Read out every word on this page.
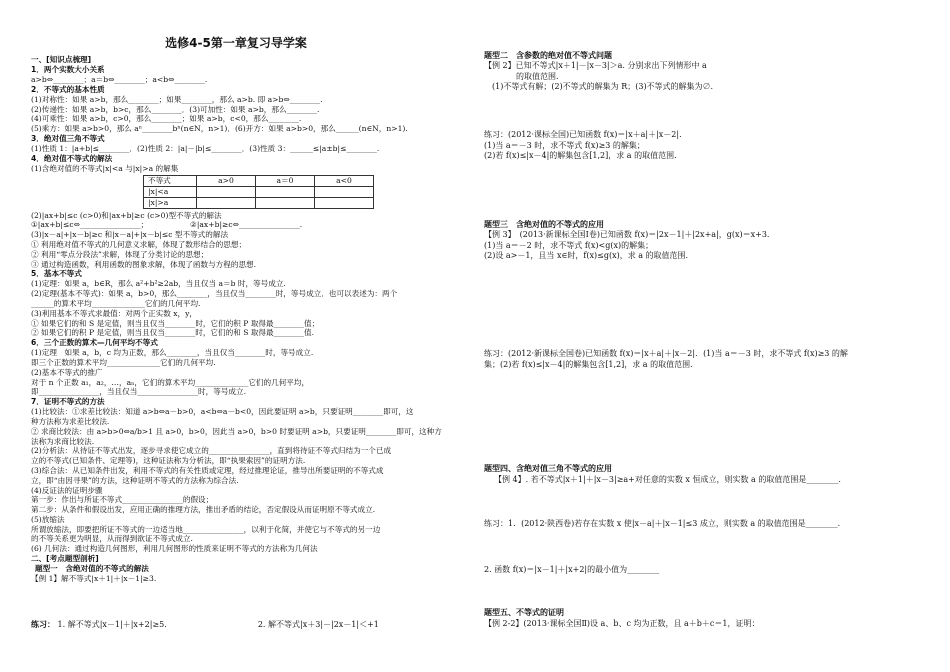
选修4-5第一章复习导学案
一、[知识点梳理]
1．两个实数大小关系
a>b⇔________；a＝b⇔________；a<b⇔________.
2．不等式的基本性质
(1)对称性：如果 a>b，那么________；如果________，那么 a>b. 即 a>b⇔________.
(2)传递性：如果 a>b，b>c，那么________．(3)可加性：如果 a>b，那么________.
(4)可乘性：如果 a>b，c>0，那么________；如果 a>b，c<0，那么________.
(5)乘方：如果 a>b>0，那么 aⁿ________bⁿ(n∈N，n>1)．(6)开方：如果 a>b>0，那么______(n∈N，n>1).
3．绝对值三角不等式
(1)性质 1：|a+b|≤________．(2)性质 2：|a|－|b|≤________．(3)性质 3：______≤|a±b|≤________.
4．绝对值不等式的解法
(1)含绝对值的不等式|x|<a 与|x|>a 的解集
不等式	a>0	a＝0	a<0
|x|<a			
|x|>a			
(2)|ax+b|≤c (c>0)和|ax+b|≥c (c>0)型不等式的解法
①|ax+b|≤c⇔________________；　　　　　　②|ax+b|≥c⇔________________.
(3)|x－a|+|x－b|≥c 和|x－a|+|x－b|≤c 型不等式的解法
① 利用绝对值不等式的几何意义求解，体现了数形结合的思想；
② 利用“零点分段法”求解，体现了分类讨论的思想；
③ 通过构造函数，利用函数的图象求解，体现了函数与方程的思想.
5．基本不等式
(1)定理：如果 a，b∈R，那么 a²+b²≥2ab，当且仅当 a＝b 时，等号成立.
(2)定理(基本不等式)：如果 a，b>0，那么________，当且仅当________时，等号成立．也可以表述为：两个
______的算术平均______________它们的几何平均.
(3)利用基本不等式求最值：对两个正实数 x，y，
① 如果它们的和 S 是定值，则当且仅当________时，它们的积 P 取得最________值；
② 如果它们的积 P 是定值，则当且仅当________时，它们的和 S 取得最________值.
6．三个正数的算术—几何平均不等式
(1)定理　如果 a，b，c 均为正数，那么________，当且仅当________时，等号成立.
即三个正数的算术平均______________它们的几何平均.
(2)基本不等式的推广
对于 n 个正数 a₁，a₂，…，aₙ，它们的算术平均______________它们的几何平均，
即________________，当且仅当________________时，等号成立.
7．证明不等式的方法
(1)比较法：①求差比较法：知道 a>b⇔a－b>0，a<b⇔a－b<0，因此要证明 a>b，只要证明________即可，这
种方法称为求差比较法.
② 求商比较法：由 a>b>0⇔a/b>1 且 a>0，b>0，因此当 a>0，b>0 时要证明 a>b，只要证明________即可，这种方
法称为求商比较法.
(2)分析法：从待证不等式出发，逐步寻求使它成立的________________，直到将待证不等式归结为一个已成
立的不等式(已知条件、定理等)，这种证法称为分析法，即“执果索因”的证明方法.
(3)综合法：从已知条件出发，利用不等式的有关性质或定理，经过推理论证，推导出所要证明的不等式成
立，即“由因寻果”的方法，这种证明不等式的方法称为综合法.
(4)反证法的证明步骤
第一步：作出与所证不等式________________的假设；
第二步：从条件和假设出发，应用正确的推理方法，推出矛盾的结论，否定假设从而证明原不等式成立.
(5)放缩法
所谓放缩法，即要把所证不等式的一边适当地________________，以利于化简，并使它与不等式的另一边
的不等关系更为明显，从而得到欲证不等式成立.
(6) 几何法：通过构造几何图形，利用几何图形的性质来证明不等式的方法称为几何法
二、[考点题型剖析]
题型一　含绝对值的不等式的解法
【例 1】解不等式|x＋1|＋|x－1|≥3.
练习： 1. 解不等式|x－1|＋|x+2|≥5.	2. 解不等式|x＋3|－|2x－1|＜+1
题型二　含参数的绝对值不等式问题
【例 2】已知不等式|x＋1|－|x－3|＞a. 分别求出下列情形中 a
　　　　的取值范围.
　(1)不等式有解；(2)不等式的解集为 R；(3)不等式的解集为∅.
练习：(2012·课标全国)已知函数 f(x)＝|x＋a|＋|x－2|.
(1)当 a＝－3 时，求不等式 f(x)≥3 的解集；
(2)若 f(x)≤|x－4|的解集包含[1,2]，求 a 的取值范围.
题型三　含绝对值的不等式的应用
【例 3】　(2013·新课标全国Ⅰ卷)已知函数 f(x)＝|2x－1|＋|2x+a|，g(x)＝x+3.
(1)当 a＝－2 时，求不等式 f(x)<g(x)的解集；
(2)设 a>－1，且当 x∈时，f(x)≤g(x)，求 a 的取值范围.
练习：(2012·新课标全国卷)已知函数 f(x)＝|x＋a|＋|x－2|．(1)当 a＝－3 时，求不等式 f(x)≥3 的解
集；(2)若 f(x)≤|x－4|的解集包含[1,2]，求 a 的取值范围.
题型四、含绝对值三角不等式的应用
【例 4】. 若不等式|x＋1|＋|x－3|≥a+对任意的实数 x 恒成立，则实数 a 的取值范围是________.
练习：1．(2012·陕西卷)若存在实数 x 使|x－a|＋|x－1|≤3 成立，则实数 a 的取值范围是________.
2. 函数 f(x)＝|x－1|＋|x+2|的最小值为________
题型五、不等式的证明
【例 2-2】(2013·课标全国Ⅱ)设 a、b、c 均为正数，且 a＋b＋c＝1，证明：
